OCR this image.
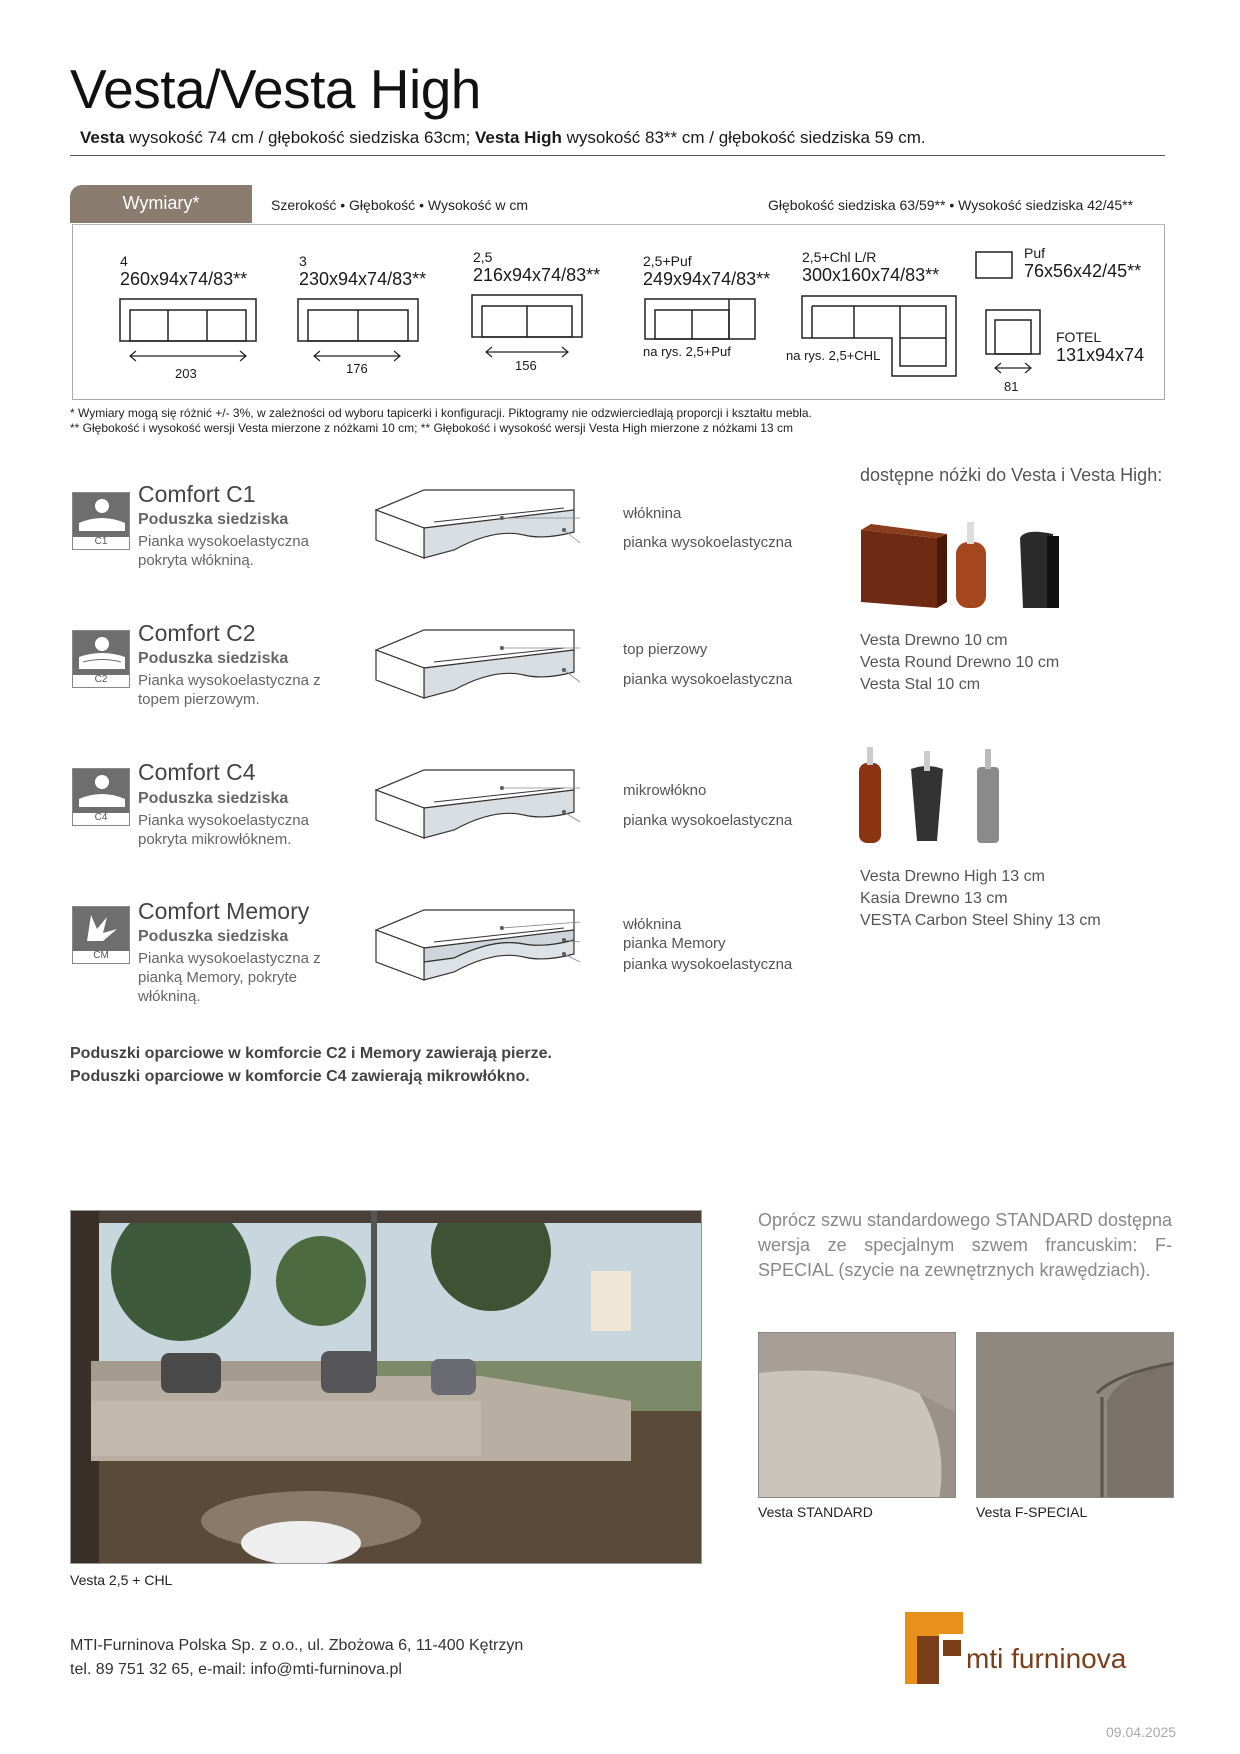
Vesta/Vesta High
Vesta wysokość 74 cm / głębokość siedziska 63cm; Vesta High wysokość 83** cm / głębokość siedziska 59 cm.
Wymiary*	Szerokość • Głębokość • Wysokość w cm	Głębokość siedziska 63/59** • Wysokość siedziska 42/45**
4
260x94x74/83**
203
3
230x94x74/83**
176
2,5
216x94x74/83**
156
2,5+Puf
249x94x74/83**
na rys. 2,5+Puf
2,5+Chl L/R
300x160x74/83**
na rys. 2,5+CHL
Puf
76x56x42/45**
FOTEL
131x94x74
81
* Wymiary mogą się różnić +/- 3%, w zależności od wyboru tapicerki i konfiguracji. Piktogramy nie odzwierciedlają proporcji i kształtu mebla.
** Głębokość i wysokość wersji Vesta mierzone z nóżkami 10 cm; ** Głębokość i wysokość wersji Vesta High mierzone z nóżkami 13 cm
C1
Comfort C1
Poduszka siedziska
Pianka wysokoelastyczna pokryta włókniną.
włóknina
pianka wysokoelastyczna
C2
Comfort C2
Poduszka siedziska
Pianka wysokoelastyczna z topem pierzowym.
top pierzowy
pianka wysokoelastyczna
C4
Comfort C4
Poduszka siedziska
Pianka wysokoelastyczna pokryta mikrowłóknem.
mikrowłókno
pianka wysokoelastyczna
CM
Comfort Memory
Poduszka siedziska
Pianka wysokoelastyczna z pianką Memory, pokryte włókniną.
włóknina
pianka Memory
pianka wysokoelastyczna
dostępne nóżki do Vesta i Vesta High:
Vesta Drewno 10 cm
Vesta Round Drewno 10 cm
Vesta Stal 10 cm
Vesta Drewno High 13 cm
Kasia Drewno 13 cm
VESTA Carbon Steel Shiny 13 cm
Poduszki oparciowe w komforcie C2 i Memory zawierają pierze.
Poduszki oparciowe w komforcie C4 zawierają mikrowłókno.
Vesta 2,5 + CHL
Oprócz szwu standardowego STANDARD dostępna wersja ze specjalnym szwem francuskim: F-SPECIAL (szycie na zewnętrznych krawędziach).
Vesta STANDARD	Vesta F-SPECIAL
MTI-Furninova Polska Sp. z o.o., ul. Zbożowa 6, 11-400 Kętrzyn
tel. 89 751 32 65, e-mail: info@mti-furninova.pl	mti furninova
09.04.2025
